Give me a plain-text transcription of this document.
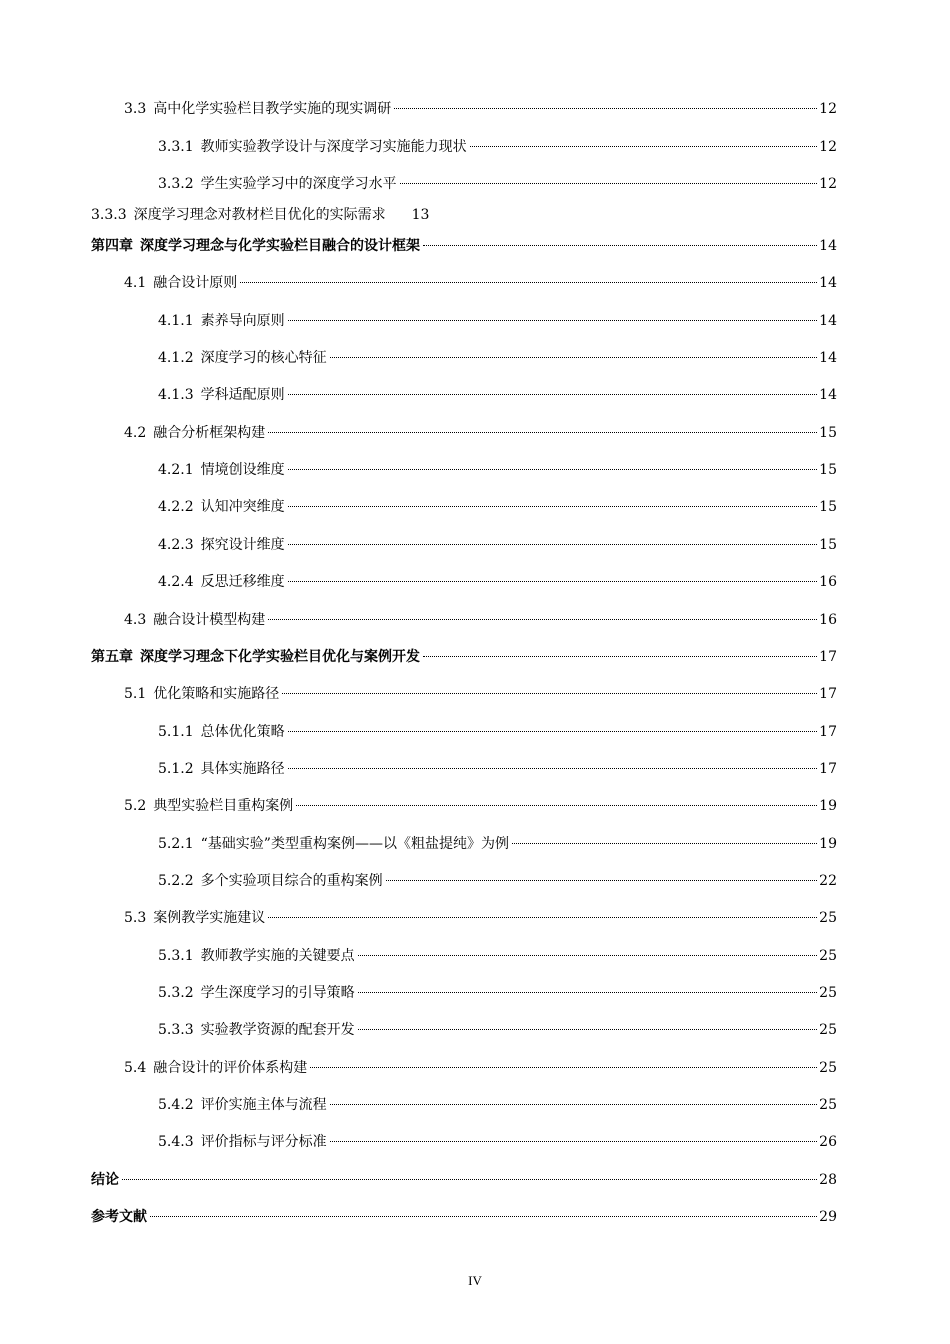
3.3 高中化学实验栏目教学实施的现实调研	12
3.3.1 教师实验教学设计与深度学习实施能力现状	12
3.3.2 学生实验学习中的深度学习水平	12
3.3.3 深度学习理念对教材栏目优化的实际需求 13
第四章 深度学习理念与化学实验栏目融合的设计框架	14
4.1 融合设计原则	14
4.1.1 素养导向原则	14
4.1.2 深度学习的核心特征	14
4.1.3 学科适配原则	14
4.2 融合分析框架构建	15
4.2.1 情境创设维度	15
4.2.2 认知冲突维度	15
4.2.3 探究设计维度	15
4.2.4 反思迁移维度	16
4.3 融合设计模型构建	16
第五章 深度学习理念下化学实验栏目优化与案例开发	17
5.1 优化策略和实施路径	17
5.1.1 总体优化策略	17
5.1.2 具体实施路径	17
5.2 典型实验栏目重构案例	19
5.2.1 “基础实验”类型重构案例——以《粗盐提纯》为例	19
5.2.2 多个实验项目综合的重构案例	22
5.3 案例教学实施建议	25
5.3.1 教师教学实施的关键要点	25
5.3.2 学生深度学习的引导策略	25
5.3.3 实验教学资源的配套开发	25
5.4 融合设计的评价体系构建	25
5.4.2 评价实施主体与流程	25
5.4.3 评价指标与评分标准	26
结论	28
参考文献	29
IV
